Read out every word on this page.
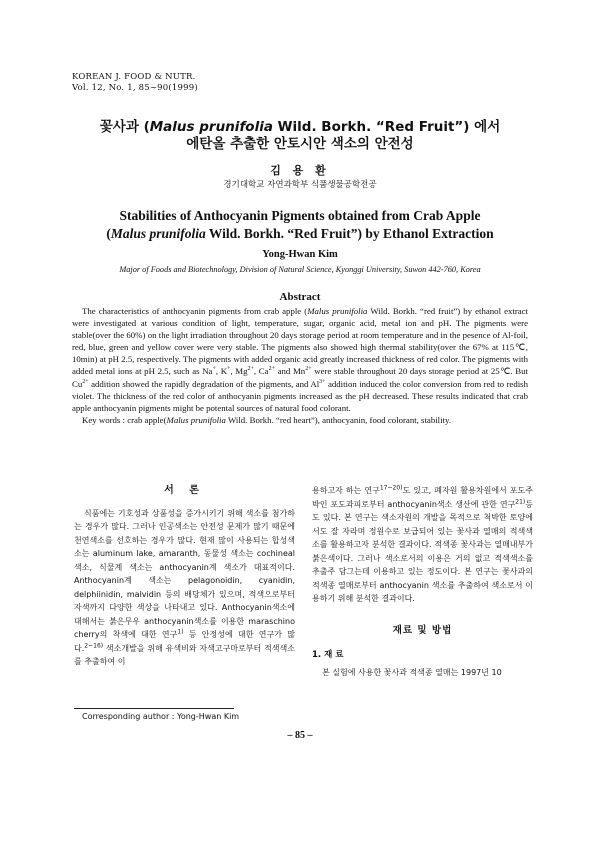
KOREAN J. FOOD & NUTR.
Vol. 12, No. 1, 85~90(1999)
꽃사과 (Malus prunifolia Wild. Borkh. “Red Fruit”) 에서
에탄올 추출한 안토시안 색소의 안전성
김 용 환
경기대학교 자연과학부 식품생물공학전공
Stabilities of Anthocyanin Pigments obtained from Crab Apple
(Malus prunifolia Wild. Borkh. “Red Fruit”) by Ethanol Extraction
Yong-Hwan Kim
Major of Foods and Biotechnology, Division of Natural Science, Kyonggi University, Suwon 442-760, Korea
Abstract

The characteristics of anthocyanin pigments from crab apple (Malus prunifolia Wild. Borkh. “red fruit”) by ethanol extract were investigated at various condition of light, temperature, sugar, organic acid, metal ion and pH. The pigments were stable(over the 60%) on the light irradiation throughout 20 days storage period at room temperature and in the pesence of Al-foil, red, blue, green and yellow cover were very stable. The pigments also showed high thermal stability(over the 67% at 115℃, 10min) at pH 2.5, respectively. The pigments with added organic acid greatly increased thickness of red color. The pigments with added metal ions at pH 2.5, such as Na+, K+, $Mg^{2+}$, $Ca^{2+}$ and $Mn^{2+}$ were stable throughout 20 days storage period at 25℃. But $Cu^{2+}$ addition showed the rapidly degradation of the pigments, and $Al^{3+}$ addition induced the color conversion from red to redish violet. The thickness of the red color of anthocyanin pigments increased as the pH decreased. These results indicated that crab apple anthocyanin pigments might be potental sources of natural food colorant.

Key words : crab apple(Malus prunifolia Wild. Borkh. “red heart”), anthocyanin, food colorant, stability.

서 론

식품에는 기호성과 상품성을 증가시키기 위해 색소를 첨가하는 경우가 많다. 그러나 인공색소는 안전성 문제가 많기 때문에 천연색소를 선호하는 경우가 많다. 현재 많이 사용되는 합성색소는 aluminum lake, amaranth, 동물성 색소는 cochineal색소, 식물계 색소는 anthocyanin계 색소가 대표적이다. Anthocyanin계 색소는 pelagonoidin, cyanidin, delphiinidin, malvidin 등의 배당체가 있으며, 적색으로부터 자색까지 다양한 색상을 나타내고 있다. Anthocyanin색소에 대해서는 붉은무우 anthocyanin색소를 이용한 maraschino cherry의 착색에 대한 연구$^{1)}$ 등 안정성에 대한 연구가 많다.$^{2\sim 16)}$ 색소개발을 위해 유색비와 자색고구마로부터 적색색소를 추출하여 이

용하고자 하는 연구$^{17\sim 20)}$도 있고, 폐자원 활용차원에서 포도주박인 포도과피로부터 anthocyanin색소 생산에 관한 연구$^{21)}$등도 있다. 본 연구는 색소자원의 개발을 목적으로 척박한 토양에서도 잘 자라며 정원수로 보급되어 있는 꽃사과 열매의 적색색소를 활용하고자 분석한 결과이다. 적색종 꽃사과는 열매내부가 붉은색이다. 그러나 색소로서의 이용은 거의 없고 적색색소를 추출주 담그는데 이용하고 있는 정도이다. 본 연구는 꽃사과의 적색종 열매로부터 anthocyanin 색소를 추출하여 색소로서 이용하기 위해 분석한 결과이다.

재료 및 방법
1. 재 료

본 실험에 사용한 꽃사과 적색종 열매는 1997년 10

Corresponding author : Yong-Hwan Kim
– 85 –
